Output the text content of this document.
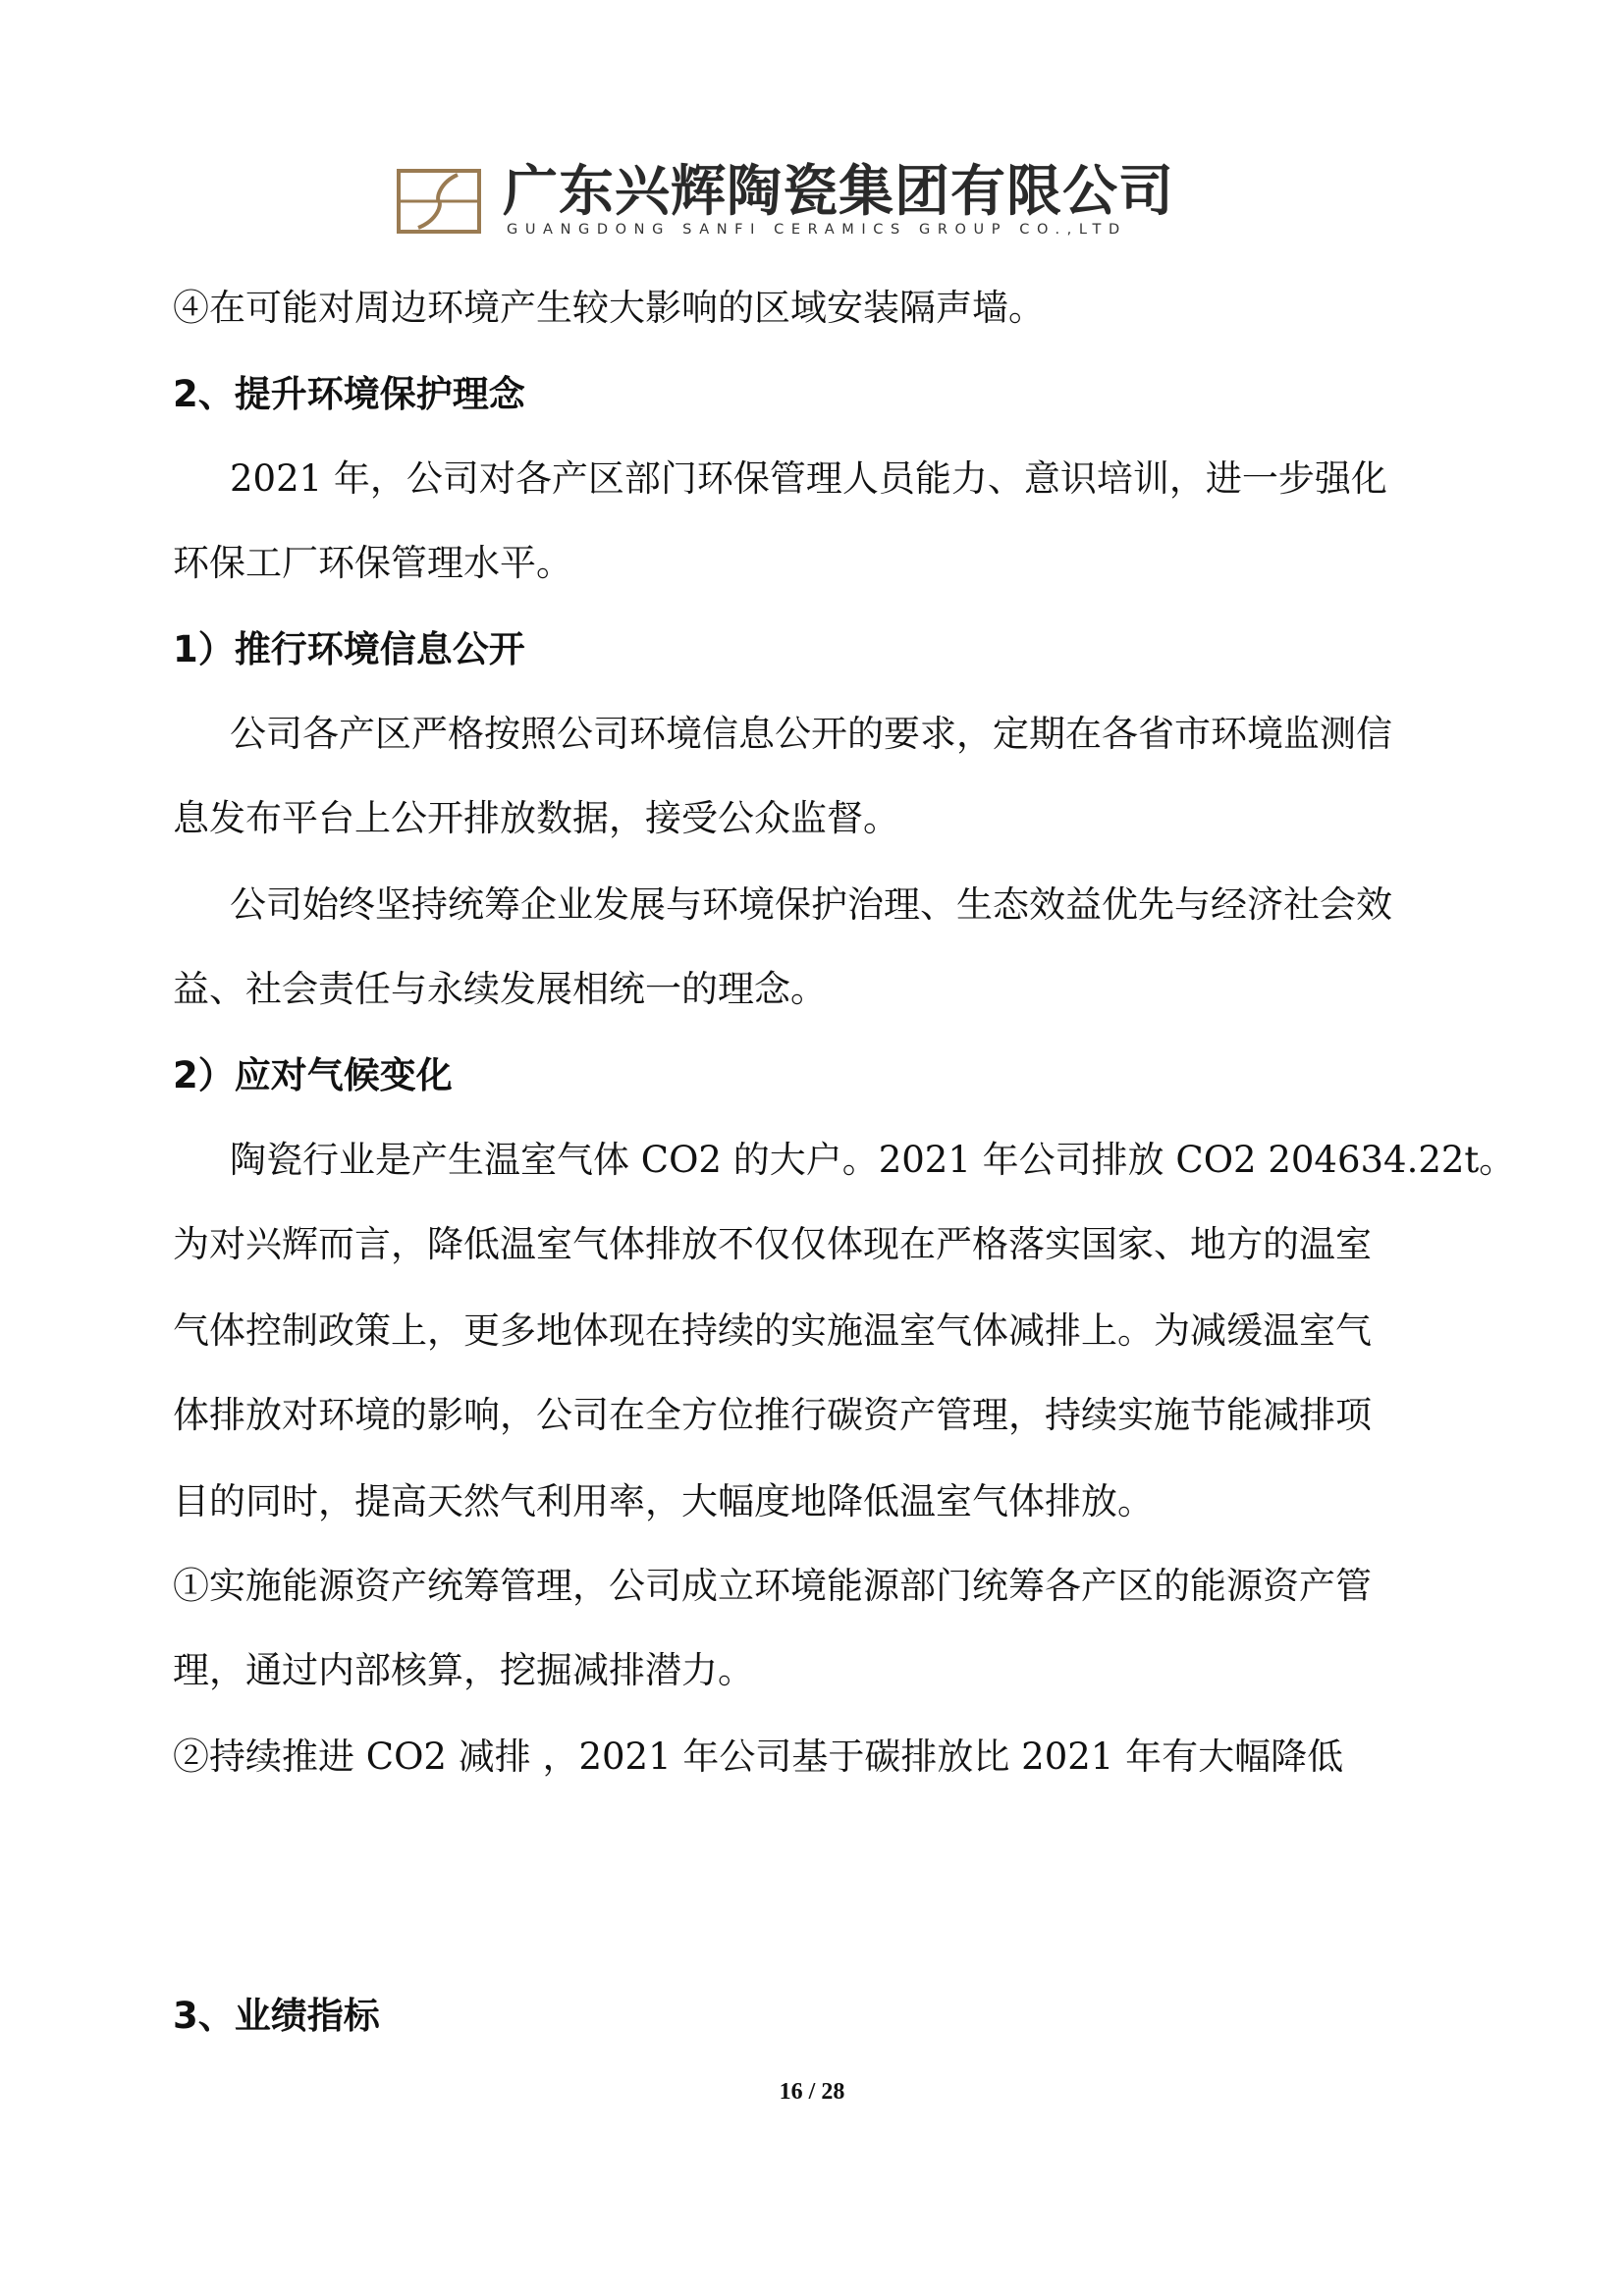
广东兴辉陶瓷集团有限公司
GUANGDONG SANFI CERAMICS GROUP CO.,LTD
④在可能对周边环境产生较大影响的区域安装隔声墙。
2、提升环境保护理念
2021 年，公司对各产区部门环保管理人员能力、意识培训，进一步强化
环保工厂环保管理水平。
1）推行环境信息公开
公司各产区严格按照公司环境信息公开的要求，定期在各省市环境监测信
息发布平台上公开排放数据，接受公众监督。
公司始终坚持统筹企业发展与环境保护治理、生态效益优先与经济社会效
益、社会责任与永续发展相统一的理念。
2）应对气候变化
陶瓷行业是产生温室气体 CO2 的大户。2021 年公司排放 CO2 204634.22t。
为对兴辉而言，降低温室气体排放不仅仅体现在严格落实国家、地方的温室
气体控制政策上，更多地体现在持续的实施温室气体减排上。为减缓温室气
体排放对环境的影响，公司在全方位推行碳资产管理，持续实施节能减排项
目的同时，提高天然气利用率，大幅度地降低温室气体排放。
①实施能源资产统筹管理，公司成立环境能源部门统筹各产区的能源资产管
理，通过内部核算，挖掘减排潜力。
②持续推进 CO2 减排 ，2021 年公司基于碳排放比 2021 年有大幅降低
3、业绩指标
16 / 28
